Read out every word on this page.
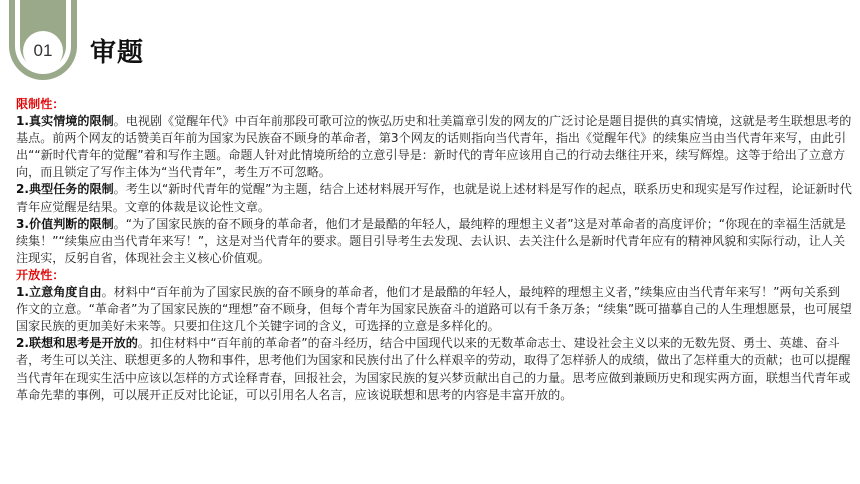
01	审题

限制性：

1.真实情境的限制。电视剧《觉醒年代》中百年前那段可歌可泣的恢弘历史和壮美篇章引发的网友的广泛讨论是题目提供的真实情境，这就是考生联想思考的基点。前两个网友的话赞美百年前为国家为民族奋不顾身的革命者，第3个网友的话则指向当代青年，指出《觉醒年代》的续集应当由当代青年来写，由此引出““新时代青年的觉醒”着和写作主题。命题人针对此情境所给的立意引导是：新时代的青年应该用自己的行动去继往开来，续写辉煌。这等于给出了立意方向，而且锁定了写作主体为“当代青年”，考生万不可忽略。

2.典型任务的限制。考生以“新时代青年的觉醒”为主题，结合上述材料展开写作，也就是说上述材料是写作的起点，联系历史和现实是写作过程，论证新时代青年应觉醒是结果。文章的体裁是议论性文章。

3.价值判断的限制。“为了国家民族的奋不顾身的革命者，他们才是最酷的年轻人，最纯粹的理想主义者”这是对革命者的高度评价；“你现在的幸福生活就是续集！”“续集应由当代青年来写！”，这是对当代青年的要求。题目引导考生去发现、去认识、去关注什么是新时代青年应有的精神风貌和实际行动，让人关注现实，反躬自省，体现社会主义核心价值观。

开放性：

1.立意角度自由。材料中“百年前为了国家民族的奋不顾身的革命者，他们才是最酷的年轻人，最纯粹的理想主义者，”续集应由当代青年来写！”两句关系到作文的立意。“革命者”为了国家民族的“理想”奋不顾身，但每个青年为国家民族奋斗的道路可以有千条万条；“续集”既可描摹自己的人生理想愿景，也可展望国家民族的更加美好未来等。只要扣住这几个关键字词的含义，可选择的立意是多样化的。

2.联想和思考是开放的。扣住材料中“百年前的革命者”的奋斗经历，结合中国现代以来的无数革命志士、建设社会主义以来的无数先贤、勇士、英雄、奋斗者，考生可以关注、联想更多的人物和事件，思考他们为国家和民族付出了什么样艰辛的劳动，取得了怎样骄人的成绩，做出了怎样重大的贡献；也可以提醒当代青年在现实生活中应该以怎样的方式诠释青春，回报社会，为国家民族的复兴梦贡献出自己的力量。思考应做到兼顾历史和现实两方面，联想当代青年或革命先辈的事例，可以展开正反对比论证，可以引用名人名言，应该说联想和思考的内容是丰富开放的。
